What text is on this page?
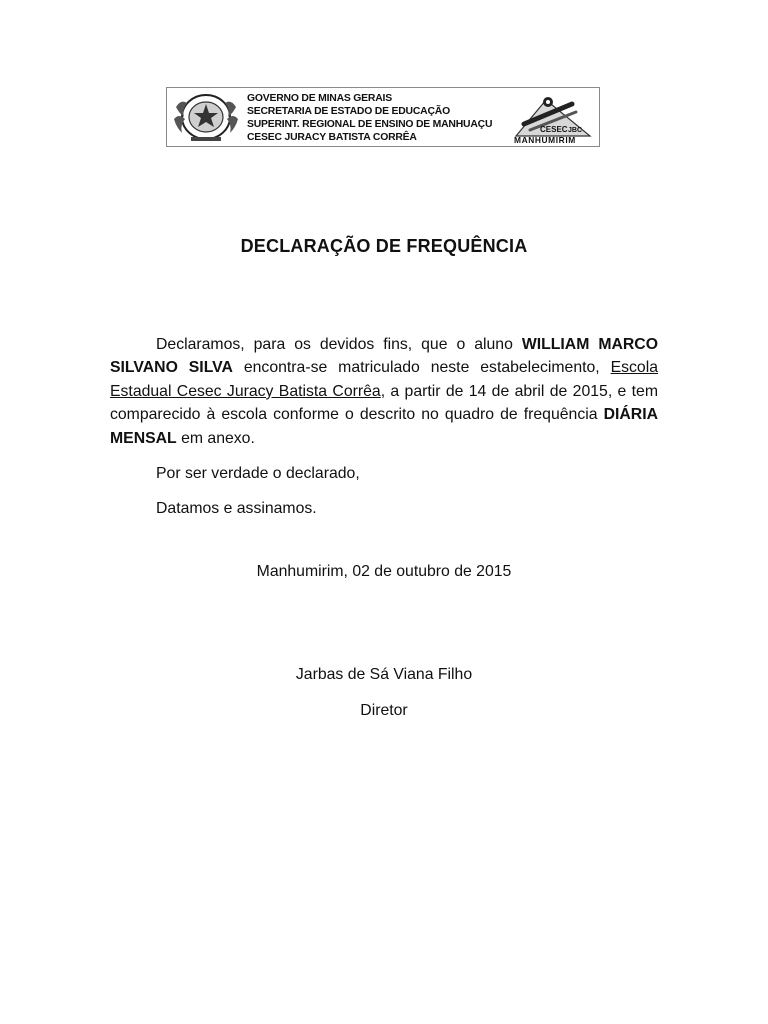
GOVERNO DE MINAS GERAIS
SECRETARIA DE ESTADO DE EDUCAÇÃO
SUPERINT. REGIONAL DE ENSINO DE MANHUAÇU
CESEC JURACY BATISTA CORRÊA
CESEC JBC
MANHUMIRIM
DECLARAÇÃO DE FREQUÊNCIA

Declaramos, para os devidos fins, que o aluno WILLIAM MARCO SILVANO SILVA encontra-se matriculado neste estabelecimento, Escola Estadual Cesec Juracy Batista Corrêa, a partir de 14 de abril de 2015, e tem comparecido à escola conforme o descrito no quadro de frequência DIÁRIA MENSAL em anexo.

Por ser verdade o declarado,

Datamos e assinamos.

Manhumirim, 02 de outubro de 2015
Jarbas de Sá Viana Filho
Diretor
